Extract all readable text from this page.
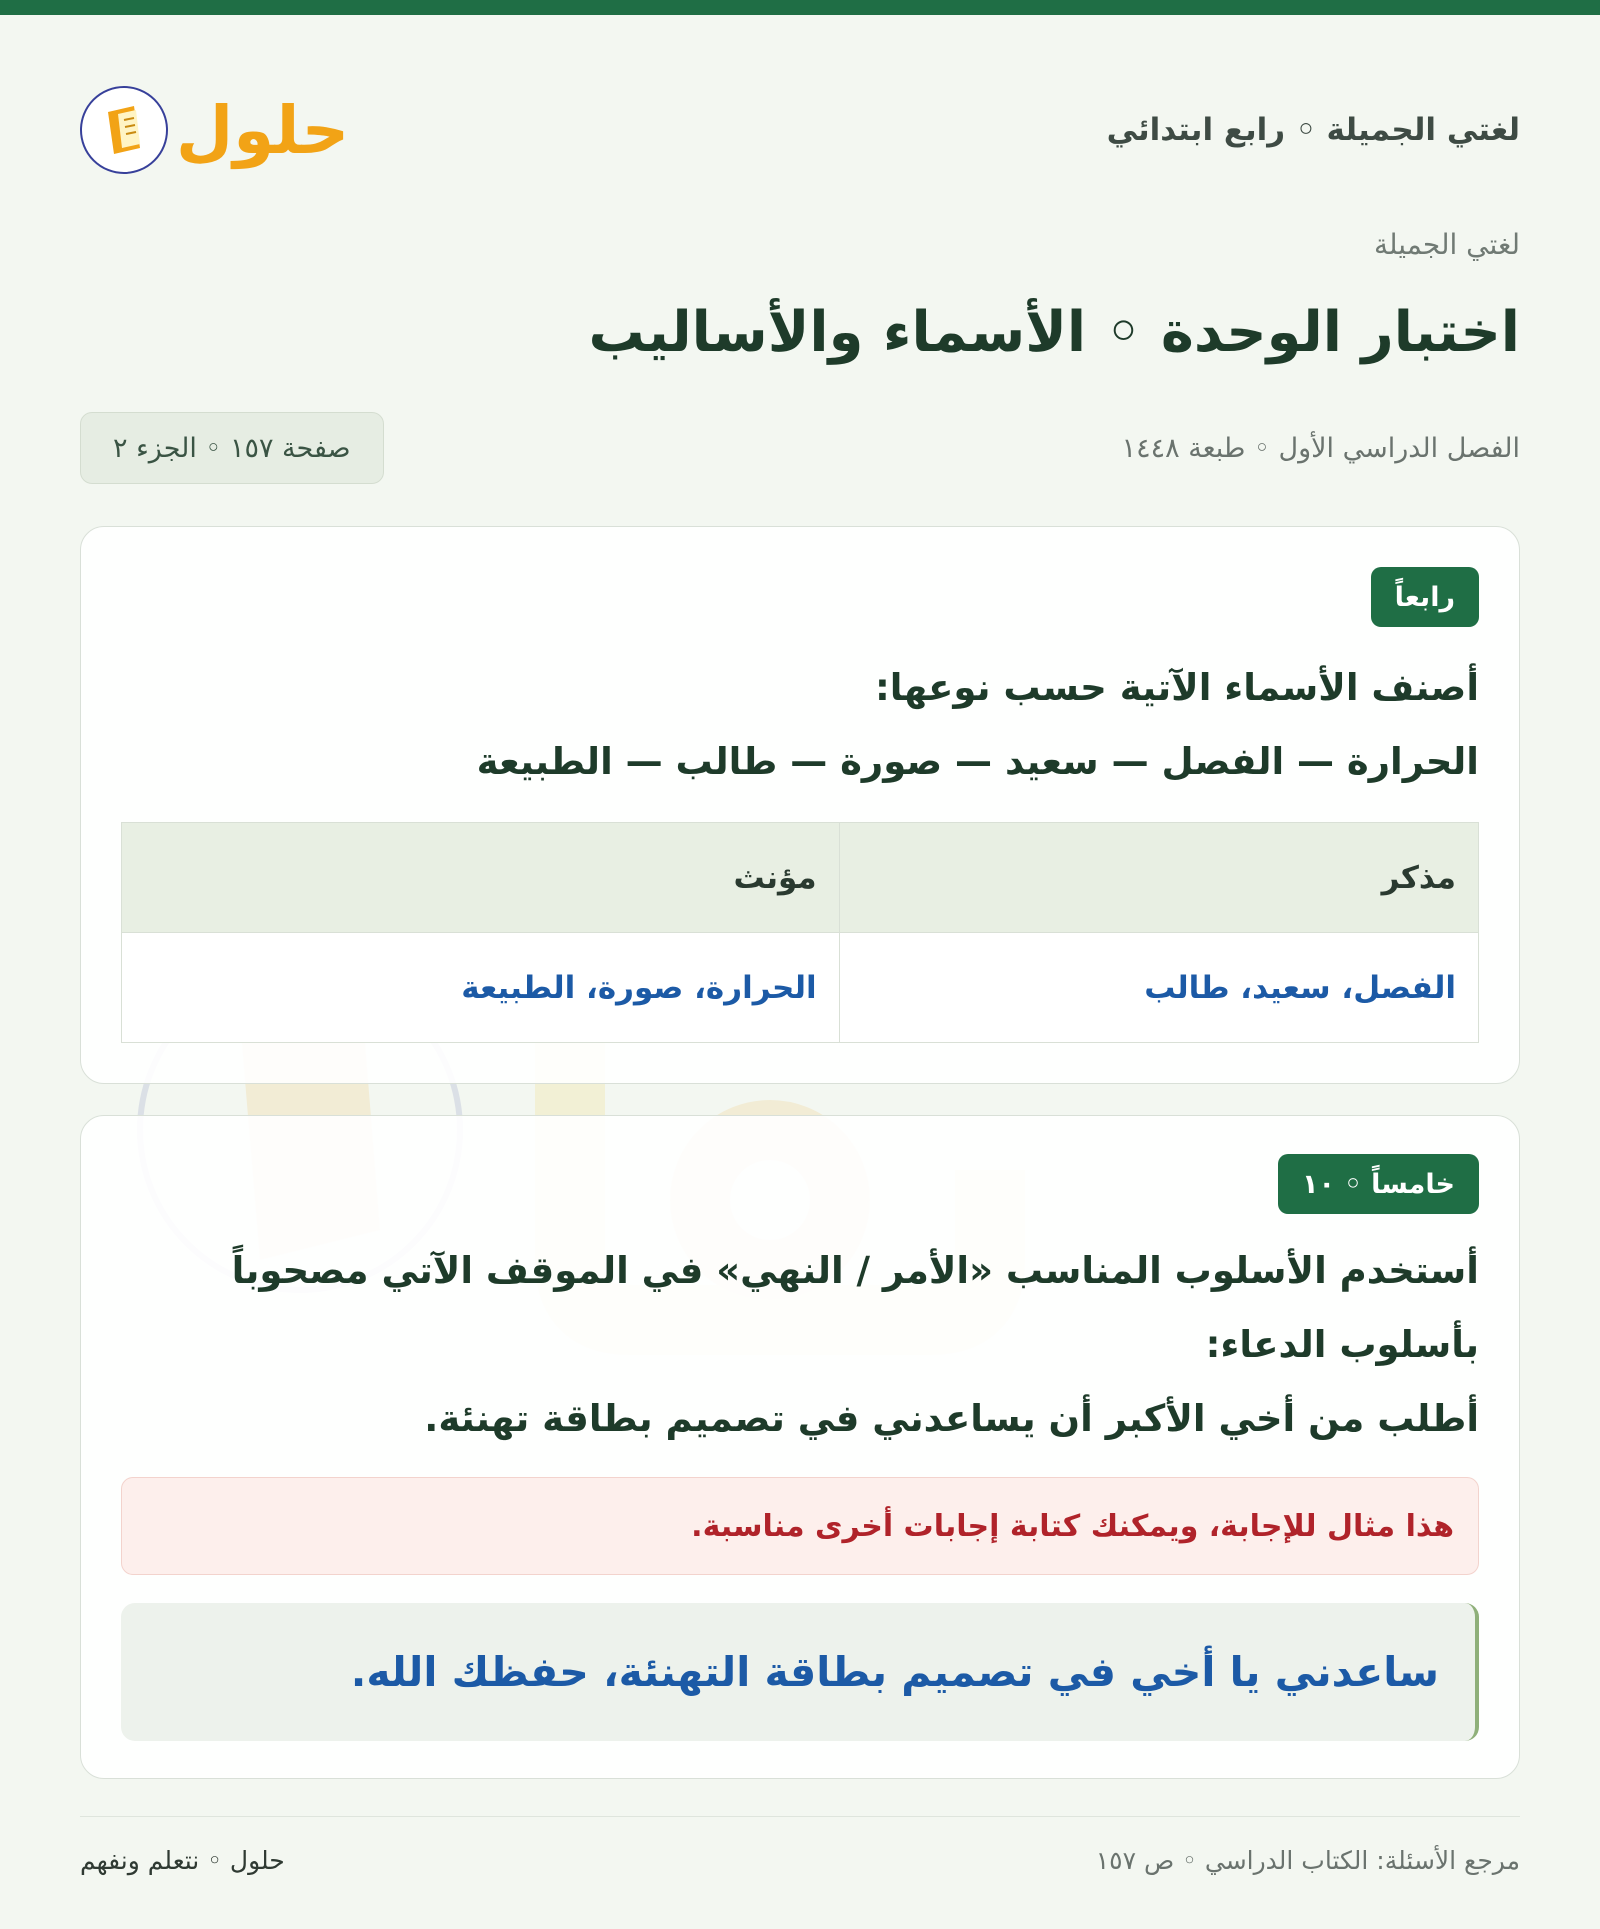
لغتي الجميلة ◦ رابع ابتدائي
حلول
لغتي الجميلة
اختبار الوحدة ◦ الأسماء والأساليب
الفصل الدراسي الأول ◦ طبعة ١٤٤٨
صفحة ١٥٧ ◦ الجزء ٢
رابعاً
أصنف الأسماء الآتية حسب نوعها:
الحرارة — الفصل — سعيد — صورة — طالب — الطبيعة
مذكر	مؤنث
الفصل، سعيد، طالب	الحرارة، صورة، الطبيعة
خامساً ◦ ١٠
أستخدم الأسلوب المناسب «الأمر / النهي» في الموقف الآتي مصحوباً
بأسلوب الدعاء:
أطلب من أخي الأكبر أن يساعدني في تصميم بطاقة تهنئة.
هذا مثال للإجابة، ويمكنك كتابة إجابات أخرى مناسبة.
ساعدني يا أخي في تصميم بطاقة التهنئة، حفظك الله.
مرجع الأسئلة: الكتاب الدراسي ◦ ص ١٥٧
حلول ◦ نتعلم ونفهم
